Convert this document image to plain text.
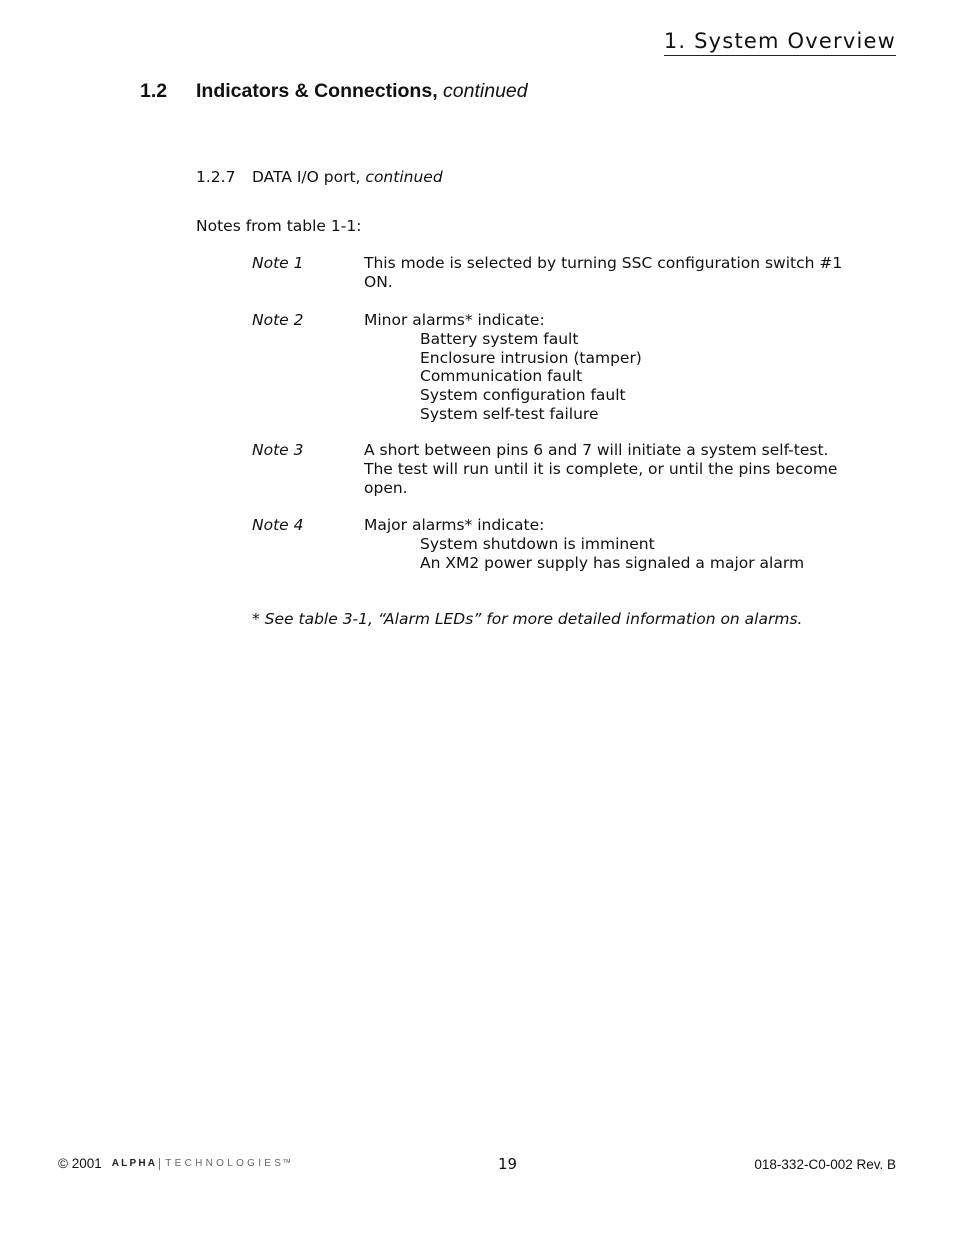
1. System Overview
1.2 Indicators & Connections, continued
1.2.7 DATA I/O port, continued
Notes from table 1-1:
Note 1	This mode is selected by turning SSC configuration switch #1 ON.
Note 2	Minor alarms* indicate:
Battery system fault
Enclosure intrusion (tamper)
Communication fault
System configuration fault
System self-test failure
Note 3	A short between pins 6 and 7 will initiate a system self-test. The test will run until it is complete, or until the pins become open.
Note 4	Major alarms* indicate:
System shutdown is imminent
An XM2 power supply has signaled a major alarm
* See table 3-1, “Alarm LEDs” for more detailed information on alarms.
© 2001 ALPHA TECHNOLOGIES TM	19	018-332-C0-002 Rev. B
